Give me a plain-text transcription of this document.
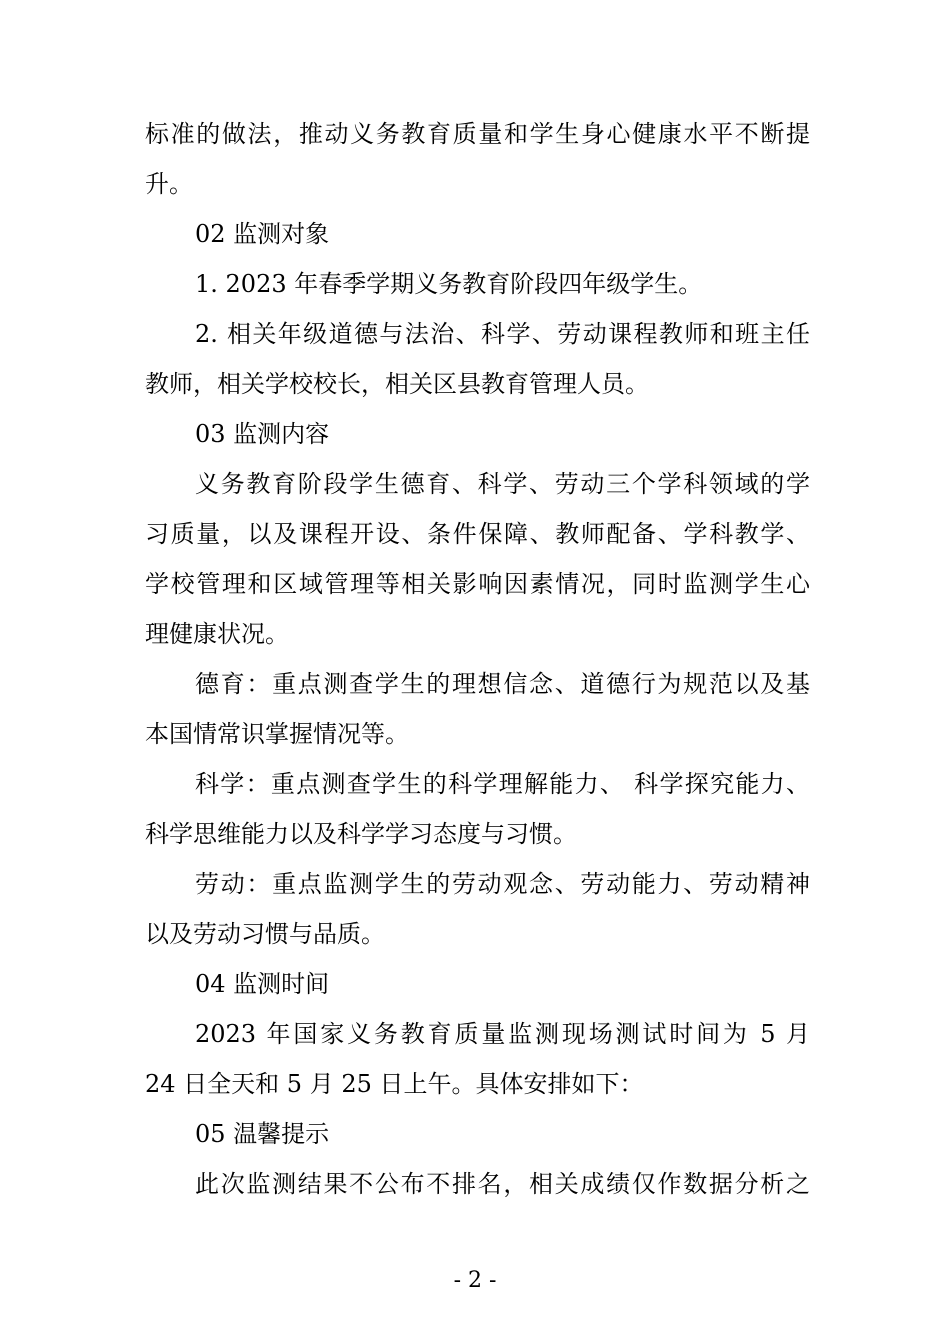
标准的做法，推动义务教育质量和学生身心健康水平不断提
升。
02 监测对象
1. 2023 年春季学期义务教育阶段四年级学生。
2. 相关年级道德与法治、科学、劳动课程教师和班主任
教师，相关学校校长，相关区县教育管理人员。
03 监测内容
义务教育阶段学生德育、科学、劳动三个学科领域的学
习质量，以及课程开设、条件保障、教师配备、学科教学、
学校管理和区域管理等相关影响因素情况，同时监测学生心
理健康状况。
德育：重点测查学生的理想信念、道德行为规范以及基
本国情常识掌握情况等。
科学：重点测查学生的科学理解能力、 科学探究能力、
科学思维能力以及科学学习态度与习惯。
劳动：重点监测学生的劳动观念、劳动能力、劳动精神
以及劳动习惯与品质。
04 监测时间
2023 年国家义务教育质量监测现场测试时间为 5 月
24 日全天和 5 月 25 日上午。具体安排如下：
05 温馨提示
此次监测结果不公布不排名，相关成绩仅作数据分析之
- 2 -
